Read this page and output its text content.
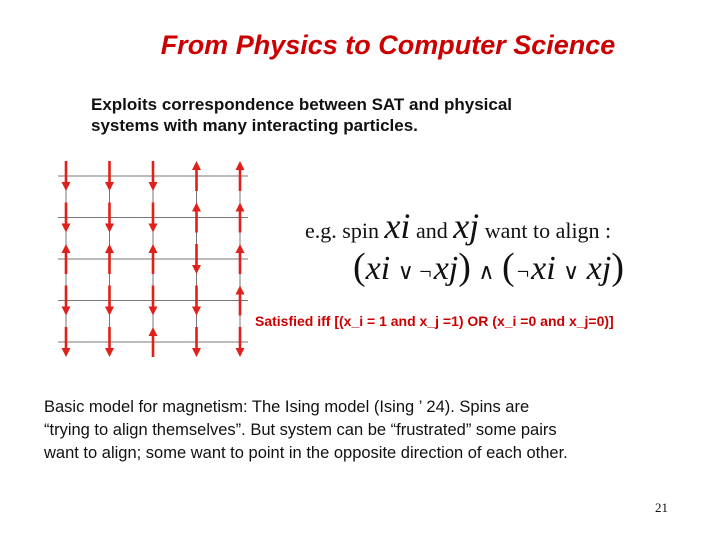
From Physics to Computer Science
Exploits correspondence between SAT and physical
systems with many interacting particles.
e.g. spin xi and xj want to align :
(xi ∨ ¬xj) ∧ (¬xi ∨ xj)
Satisfied iff [(x_i = 1 and x_j =1) OR (x_i =0 and x_j=0)]
Basic model for magnetism: The Ising model (Ising ’ 24). Spins are
“trying to align themselves”. But system can be “frustrated” some pairs
want to align; some want to point in the opposite direction of each other.
21
